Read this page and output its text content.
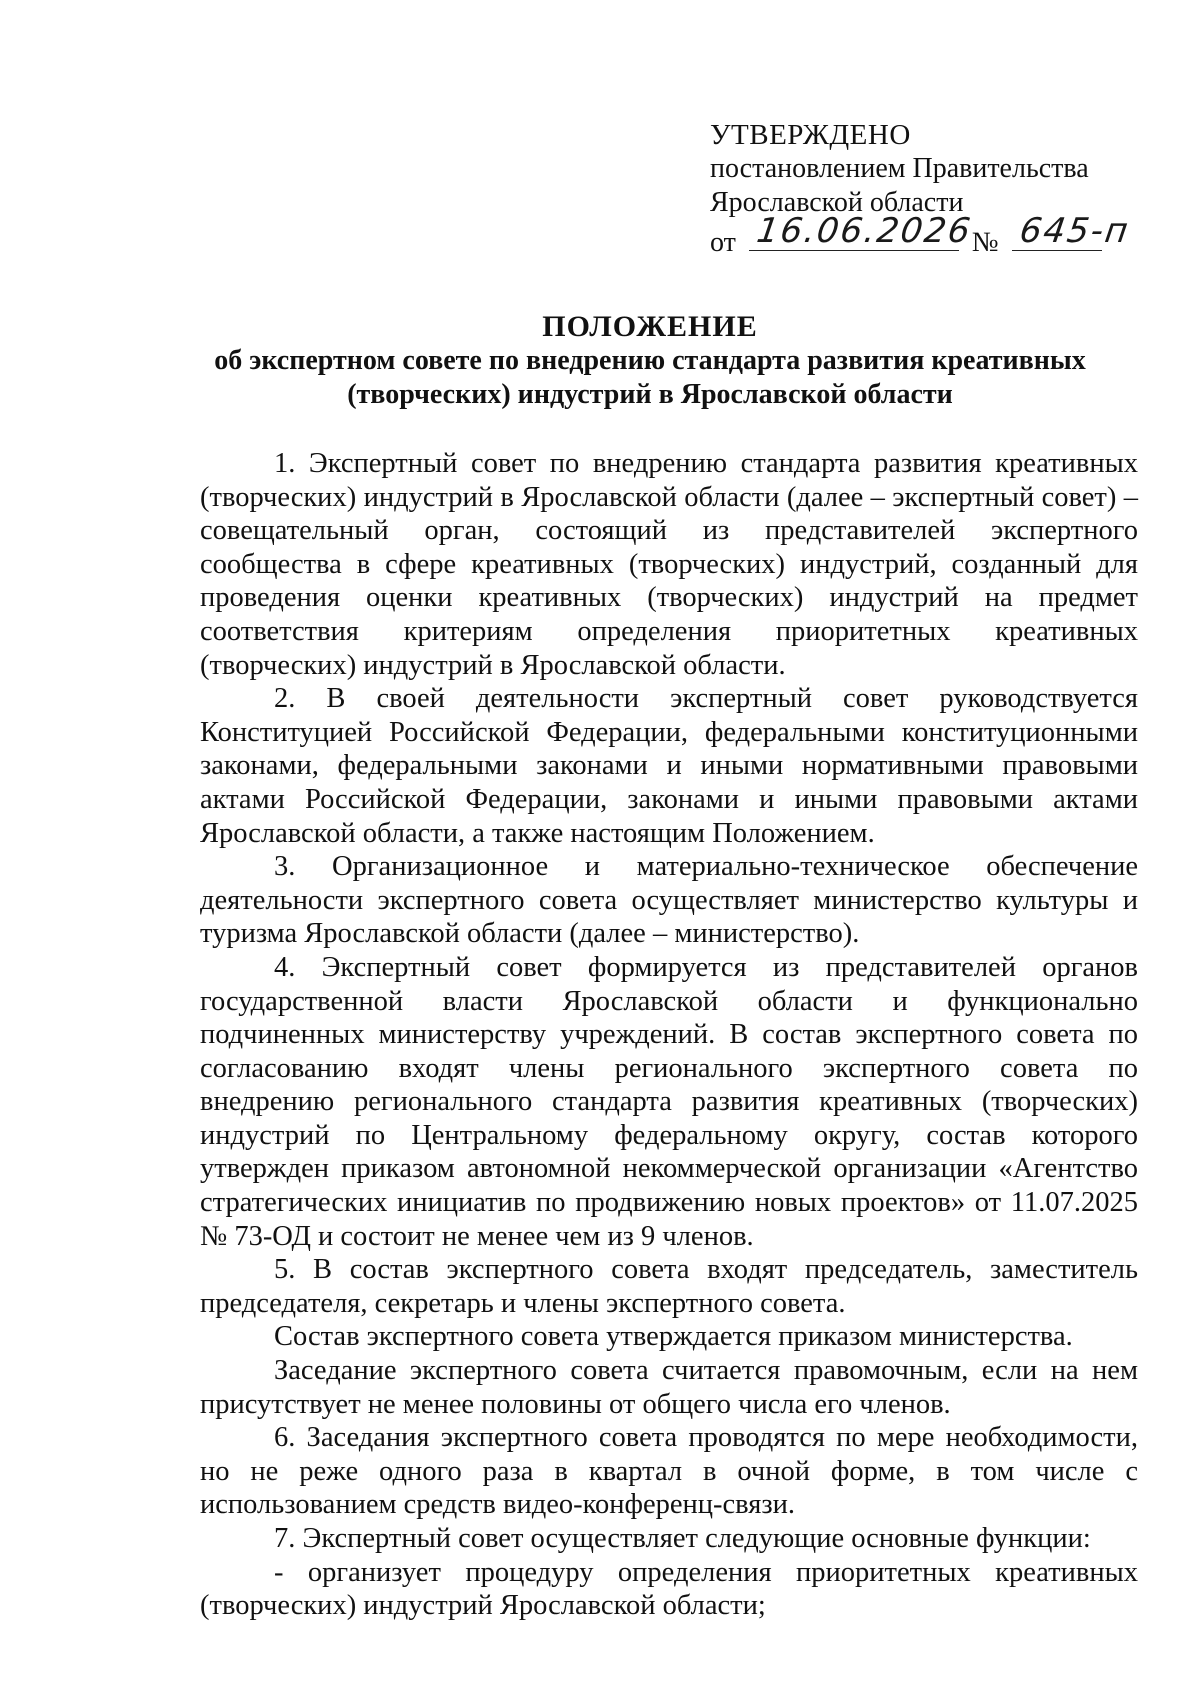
УТВЕРЖДЕНО
постановлением Правительства
Ярославской области
от 16.06.2026
№ 645-п
ПОЛОЖЕНИЕ
об экспертном совете по внедрению стандарта развития креативных
(творческих) индустрий в Ярославской области

1. Экспертный совет по внедрению стандарта развития креативных (творческих) индустрий в Ярославской области (далее – экспертный совет) – совещательный орган, состоящий из представителей экспертного сообщества в сфере креативных (творческих) индустрий, созданный для проведения оценки креативных (творческих) индустрий на предмет соответствия критериям определения приоритетных креативных (творческих) индустрий в Ярославской области.

2. В своей деятельности экспертный совет руководствуется Конституцией Российской Федерации, федеральными конституционными законами, федеральными законами и иными нормативными правовыми актами Российской Федерации, законами и иными правовыми актами Ярославской области, а также настоящим Положением.

3. Организационное и материально-техническое обеспечение деятельности экспертного совета осуществляет министерство культуры и туризма Ярославской области (далее – министерство).

4. Экспертный совет формируется из представителей органов государственной власти Ярославской области и функционально подчиненных министерству учреждений. В состав экспертного совета по согласованию входят члены регионального экспертного совета по внедрению регионального стандарта развития креативных (творческих) индустрий по Центральному федеральному округу, состав которого утвержден приказом автономной некоммерческой организации «Агентство стратегических инициатив по продвижению новых проектов» от 11.07.2025 № 73-ОД и состоит не менее чем из 9 членов.

5. В состав экспертного совета входят председатель, заместитель председателя, секретарь и члены экспертного совета.

Состав экспертного совета утверждается приказом министерства.

Заседание экспертного совета считается правомочным, если на нем присутствует не менее половины от общего числа его членов.

6. Заседания экспертного совета проводятся по мере необходимости, но не реже одного раза в квартал в очной форме, в том числе с использованием средств видео-конференц-связи.

7. Экспертный совет осуществляет следующие основные функции:

- организует процедуру определения приоритетных креативных (творческих) индустрий Ярославской области;
